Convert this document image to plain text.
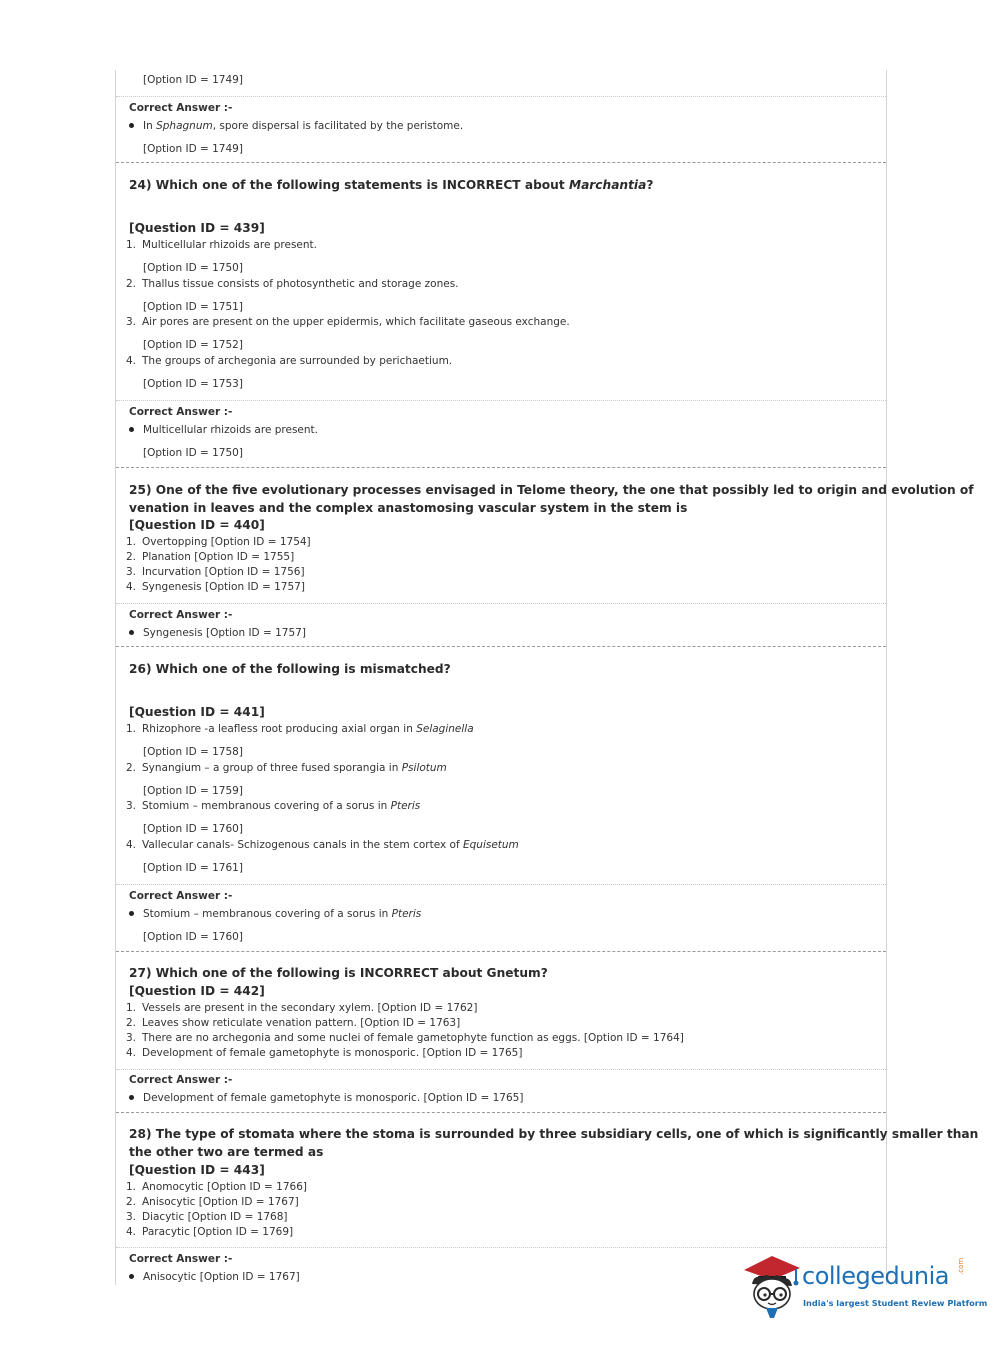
[Option ID = 1749]
Correct Answer :-
In Sphagnum, spore dispersal is facilitated by the peristome.
[Option ID = 1749]
24) Which one of the following statements is INCORRECT about Marchantia?
[Question ID = 439]
1. Multicellular rhizoids are present.
[Option ID = 1750]
2. Thallus tissue consists of photosynthetic and storage zones.
[Option ID = 1751]
3. Air pores are present on the upper epidermis, which facilitate gaseous exchange.
[Option ID = 1752]
4. The groups of archegonia are surrounded by perichaetium.
[Option ID = 1753]
Correct Answer :-
Multicellular rhizoids are present.
[Option ID = 1750]
25) One of the five evolutionary processes envisaged in Telome theory, the one that possibly led to origin and evolution of
venation in leaves and the complex anastomosing vascular system in the stem is
[Question ID = 440]
1. Overtopping [Option ID = 1754]
2. Planation [Option ID = 1755]
3. Incurvation [Option ID = 1756]
4. Syngenesis [Option ID = 1757]
Correct Answer :-
Syngenesis [Option ID = 1757]
26) Which one of the following is mismatched?
[Question ID = 441]
1. Rhizophore -a leafless root producing axial organ in Selaginella
[Option ID = 1758]
2. Synangium – a group of three fused sporangia in Psilotum
[Option ID = 1759]
3. Stomium – membranous covering of a sorus in Pteris
[Option ID = 1760]
4. Vallecular canals- Schizogenous canals in the stem cortex of Equisetum
[Option ID = 1761]
Correct Answer :-
Stomium – membranous covering of a sorus in Pteris
[Option ID = 1760]
27) Which one of the following is INCORRECT about Gnetum?
[Question ID = 442]
1. Vessels are present in the secondary xylem. [Option ID = 1762]
2. Leaves show reticulate venation pattern. [Option ID = 1763]
3. There are no archegonia and some nuclei of female gametophyte function as eggs. [Option ID = 1764]
4. Development of female gametophyte is monosporic. [Option ID = 1765]
Correct Answer :-
Development of female gametophyte is monosporic. [Option ID = 1765]
28) The type of stomata where the stoma is surrounded by three subsidiary cells, one of which is significantly smaller than
the other two are termed as
[Question ID = 443]
1. Anomocytic [Option ID = 1766]
2. Anisocytic [Option ID = 1767]
3. Diacytic [Option ID = 1768]
4. Paracytic [Option ID = 1769]
Correct Answer :-
Anisocytic [Option ID = 1767]	collegedunia .com
India's largest Student Review Platform
